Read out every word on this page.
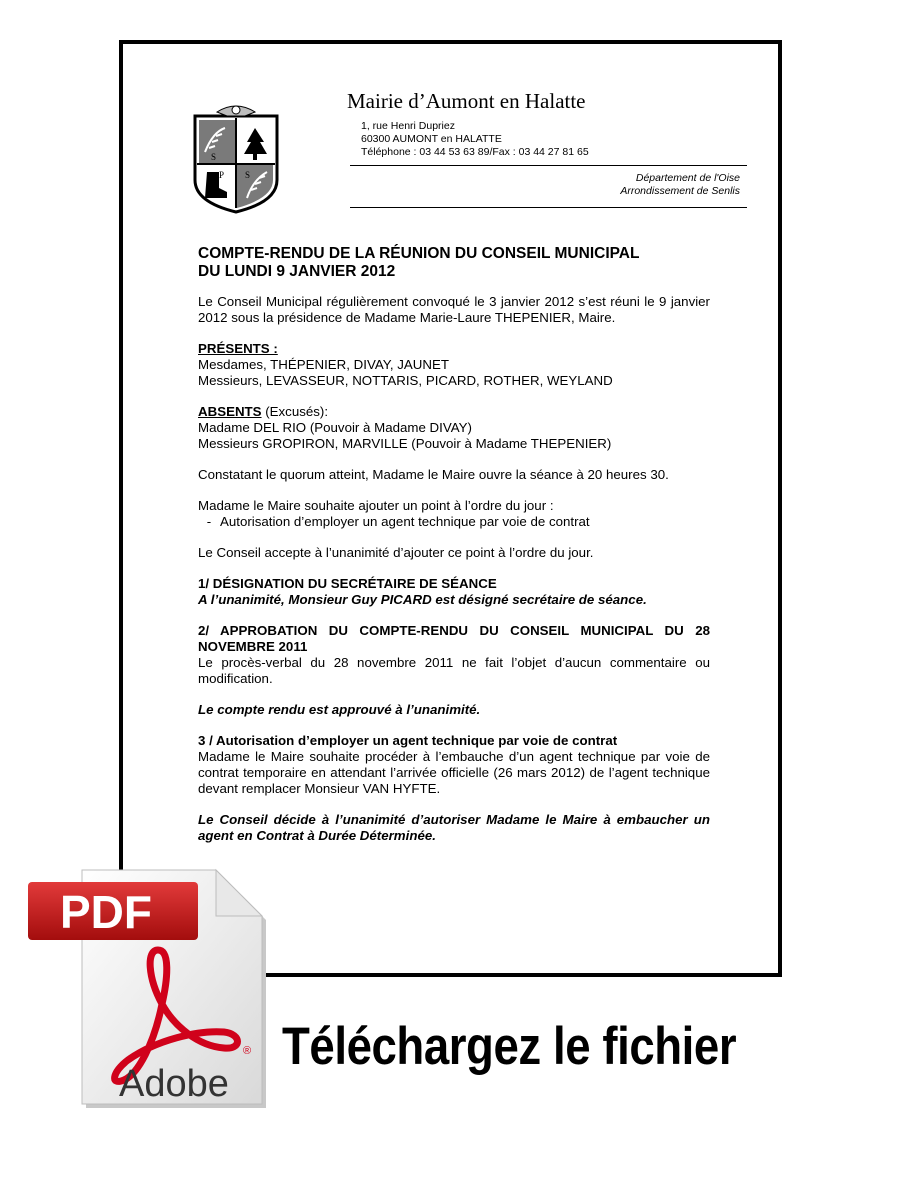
S
G
S
P
Mairie d’Aumont en Halatte
1, rue Henri Dupriez
60300 AUMONT en HALATTE
Téléphone : 03 44 53 63 89/Fax : 03 44 27 81 65
Département de l'Oise
Arrondissement de Senlis
COMPTE-RENDU DE LA RÉUNION DU CONSEIL MUNICIPAL
DU LUNDI 9 JANVIER 2012

Le Conseil Municipal régulièrement convoqué le 3 janvier 2012 s’est réuni le 9 janvier 2012 sous la présidence de Madame Marie-Laure THEPENIER, Maire.

PRÉSENTS :
Mesdames, THÉPENIER, DIVAY, JAUNET
Messieurs, LEVASSEUR, NOTTARIS, PICARD, ROTHER, WEYLAND

ABSENTS (Excusés):
Madame DEL RIO (Pouvoir à Madame DIVAY)
Messieurs GROPIRON, MARVILLE (Pouvoir à Madame THEPENIER)

Constatant le quorum atteint, Madame le Maire ouvre la séance à 20 heures 30.

Madame le Maire souhaite ajouter un point à l’ordre du jour :
- Autorisation d’employer un agent technique par voie de contrat

Le Conseil accepte à l’unanimité d’ajouter ce point à l’ordre du jour.

1/ DÉSIGNATION DU SECRÉTAIRE DE SÉANCE
A l’unanimité, Monsieur Guy PICARD est désigné secrétaire de séance.

2/ APPROBATION DU COMPTE-RENDU DU CONSEIL MUNICIPAL DU 28 NOVEMBRE 2011
Le procès-verbal du 28 novembre 2011 ne fait l’objet d’aucun commentaire ou modification.
Le compte rendu est approuvé à l’unanimité.
3 / Autorisation d’employer un agent technique par voie de contrat
Madame le Maire souhaite procéder à l’embauche d’un agent technique par voie de contrat temporaire en attendant l’arrivée officielle (26 mars 2012) de l’agent technique devant remplacer Monsieur VAN HYFTE.
Le Conseil décide à l’unanimité d’autoriser Madame le Maire à embaucher un agent en Contrat à Durée Déterminée.
PDF
Adobe
® Téléchargez le fichier
